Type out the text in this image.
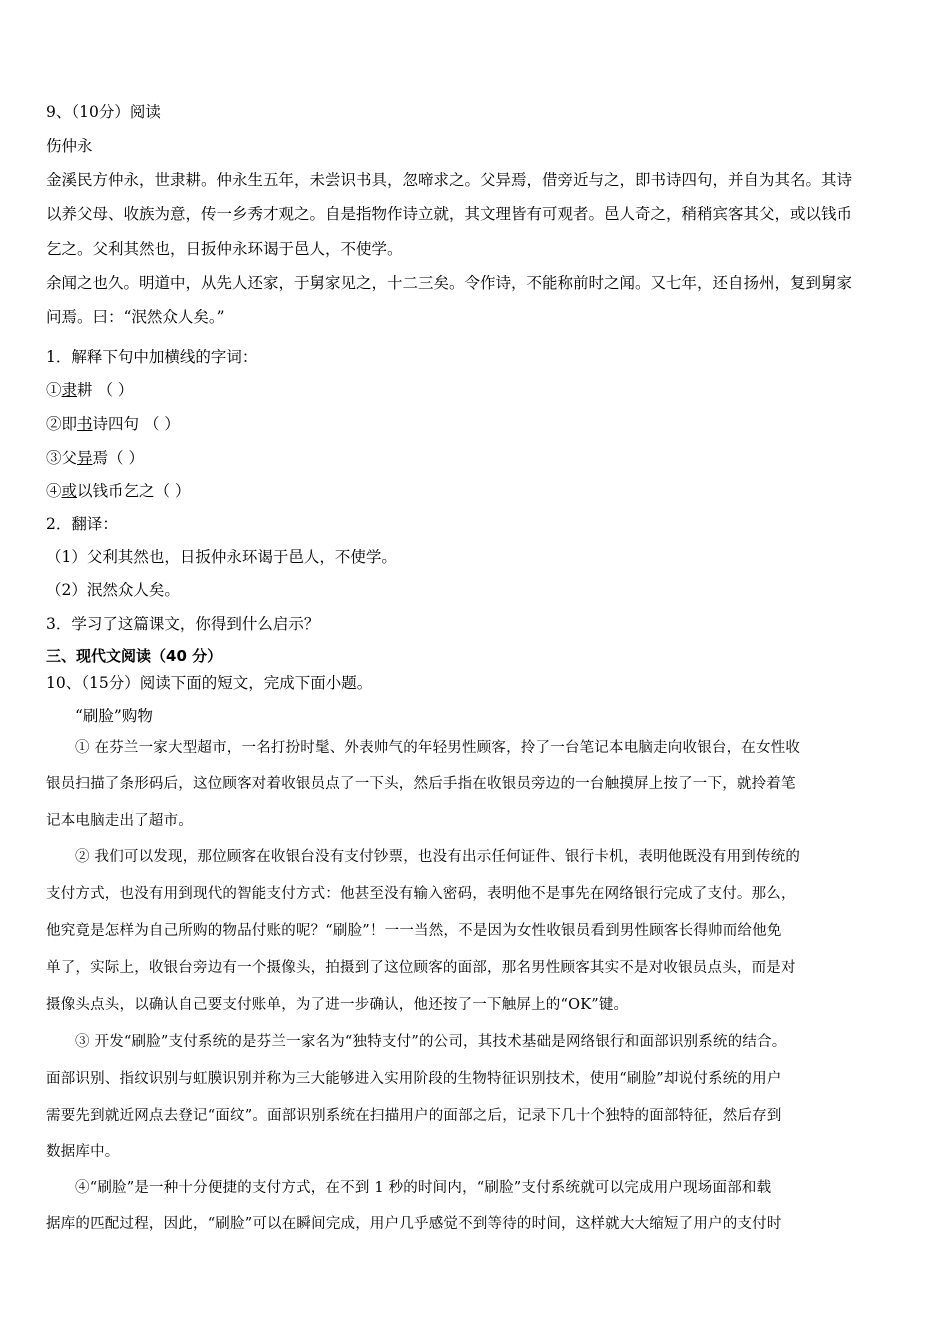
9、（10分）阅读
伤仲永
金溪民方仲永，世隶耕。仲永生五年，未尝识书具，忽啼求之。父异焉，借旁近与之，即书诗四句，并自为其名。其诗
以养父母、收族为意，传一乡秀才观之。自是指物作诗立就，其文理皆有可观者。邑人奇之，稍稍宾客其父，或以钱币
乞之。父利其然也，日扳仲永环谒于邑人，不使学。
余闻之也久。明道中，从先人还家，于舅家见之，十二三矣。令作诗，不能称前时之闻。又七年，还自扬州，复到舅家
问焉。曰：“泯然众人矣。”
1．解释下句中加横线的字词：
①隶耕 （ ）
②即书诗四句 （ ）
③父异焉（ ）
④或以钱币乞之（ ）
2．翻译：
（1）父利其然也，日扳仲永环谒于邑人，不使学。
（2）泯然众人矣。
3．学习了这篇课文，你得到什么启示？
三、现代文阅读（40 分）
10、（15分）阅读下面的短文，完成下面小题。
“刷脸”购物
① 在芬兰一家大型超市，一名打扮时髦、外表帅气的年轻男性顾客，拎了一台笔记本电脑走向收银台，在女性收
银员扫描了条形码后，这位顾客对着收银员点了一下头，然后手指在收银员旁边的一台触摸屏上按了一下，就拎着笔
记本电脑走出了超市。
② 我们可以发现，那位顾客在收银台没有支付钞票，也没有出示任何证件、银行卡机，表明他既没有用到传统的
支付方式，也没有用到现代的智能支付方式：他甚至没有输入密码，表明他不是事先在网络银行完成了支付。那么，
他究竟是怎样为自己所购的物品付账的呢？“刷脸”！一一当然，不是因为女性收银员看到男性顾客长得帅而给他免
单了，实际上，收银台旁边有一个摄像头，拍摄到了这位顾客的面部，那名男性顾客其实不是对收银员点头，而是对
摄像头点头，以确认自己要支付账单，为了进一步确认，他还按了一下触屏上的“OK”键。
③ 开发“刷脸”支付系统的是芬兰一家名为“独特支付”的公司，其技术基础是网络银行和面部识别系统的结合。
面部识别、指纹识别与虹膜识别并称为三大能够进入实用阶段的生物特征识别技术，使用“刷脸”却说付系统的用户
需要先到就近网点去登记“面纹”。面部识别系统在扫描用户的面部之后，记录下几十个独特的面部特征，然后存到
数据库中。
④“刷脸”是一种十分便捷的支付方式，在不到 1 秒的时间内，“刷脸”支付系统就可以完成用户现场面部和载
据库的匹配过程，因此，“刷脸”可以在瞬间完成，用户几乎感觉不到等待的时间，这样就大大缩短了用户的支付时
